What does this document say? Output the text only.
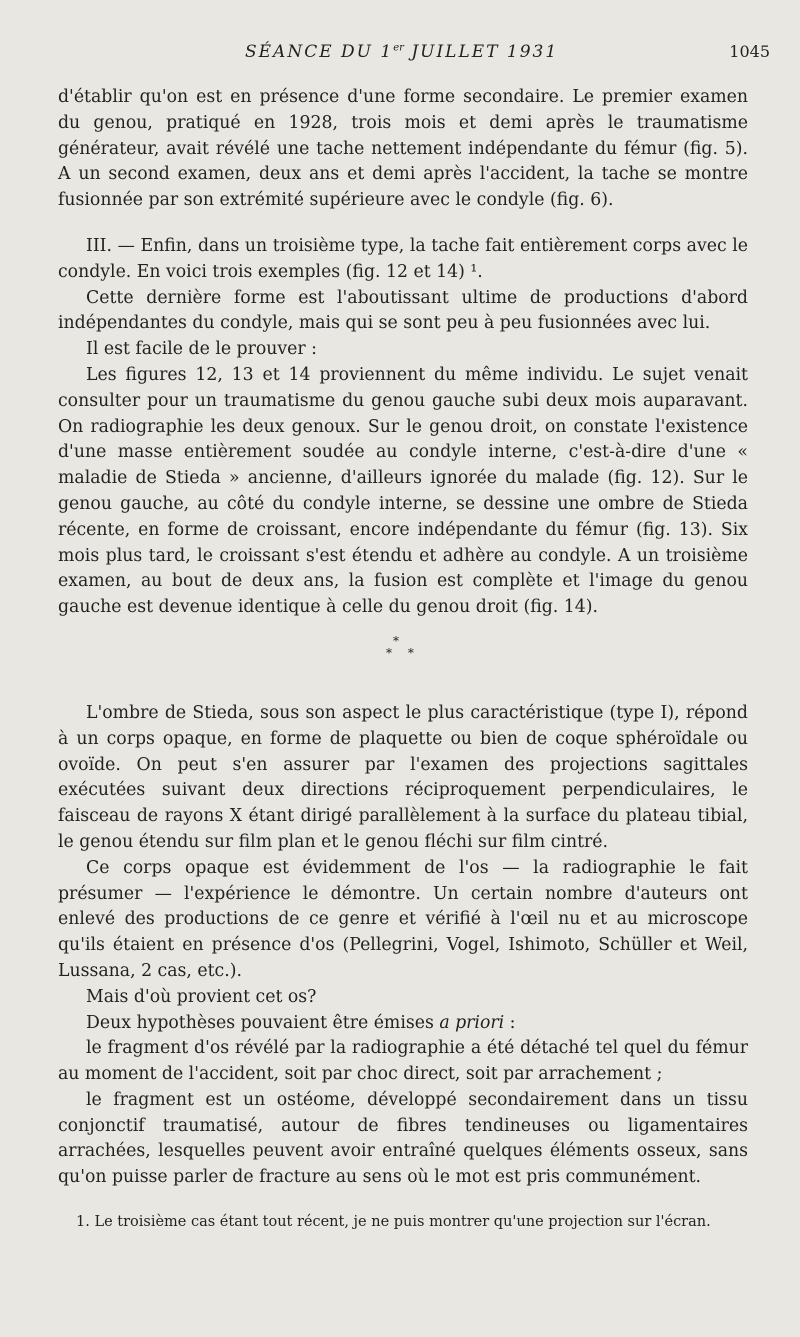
SÉANCE DU 1er JUILLET 1931	1045

d'établir qu'on est en présence d'une forme secondaire. Le premier examen du genou, pratiqué en 1928, trois mois et demi après le traumatisme générateur, avait révélé une tache nettement indépendante du fémur (fig. 5). A un second examen, deux ans et demi après l'accident, la tache se montre fusionnée par son extrémité supérieure avec le condyle (fig. 6).

III. — Enfin, dans un troisième type, la tache fait entièrement corps avec le condyle. En voici trois exemples (fig. 12 et 14) ¹.

Cette dernière forme est l'aboutissant ultime de productions d'abord indépendantes du condyle, mais qui se sont peu à peu fusionnées avec lui.

Il est facile de le prouver :

Les figures 12, 13 et 14 proviennent du même individu. Le sujet venait consulter pour un traumatisme du genou gauche subi deux mois auparavant. On radiographie les deux genoux. Sur le genou droit, on constate l'existence d'une masse entièrement soudée au condyle interne, c'est-à-dire d'une « maladie de Stieda » ancienne, d'ailleurs ignorée du malade (fig. 12). Sur le genou gauche, au côté du condyle interne, se dessine une ombre de Stieda récente, en forme de croissant, encore indépendante du fémur (fig. 13). Six mois plus tard, le croissant s'est étendu et adhère au condyle. A un troisième examen, au bout de deux ans, la fusion est complète et l'image du genou gauche est devenue identique à celle du genou droit (fig. 14).

*
* *

L'ombre de Stieda, sous son aspect le plus caractéristique (type I), répond à un corps opaque, en forme de plaquette ou bien de coque sphéroïdale ou ovoïde. On peut s'en assurer par l'examen des projections sagittales exécutées suivant deux directions réciproquement perpendiculaires, le faisceau de rayons X étant dirigé parallèlement à la surface du plateau tibial, le genou étendu sur film plan et le genou fléchi sur film cintré.

Ce corps opaque est évidemment de l'os — la radiographie le fait présumer — l'expérience le démontre. Un certain nombre d'auteurs ont enlevé des productions de ce genre et vérifié à l'œil nu et au microscope qu'ils étaient en présence d'os (Pellegrini, Vogel, Ishimoto, Schüller et Weil, Lussana, 2 cas, etc.).

Mais d'où provient cet os?

Deux hypothèses pouvaient être émises a priori :

le fragment d'os révélé par la radiographie a été détaché tel quel du fémur au moment de l'accident, soit par choc direct, soit par arrachement ;

le fragment est un ostéome, développé secondairement dans un tissu conjonctif traumatisé, autour de fibres tendineuses ou ligamentaires arrachées, lesquelles peuvent avoir entraîné quelques éléments osseux, sans qu'on puisse parler de fracture au sens où le mot est pris communément.

1. Le troisième cas étant tout récent, je ne puis montrer qu'une projection sur l'écran.
